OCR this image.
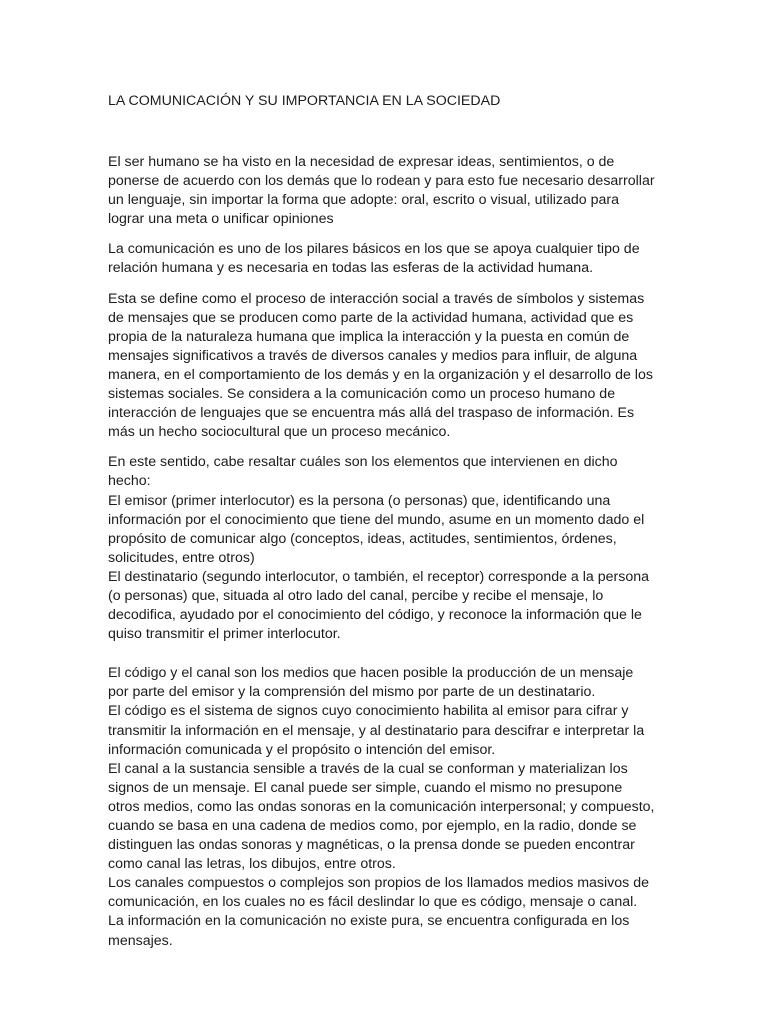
LA COMUNICACIÓN Y SU IMPORTANCIA EN LA SOCIEDAD

El ser humano se ha visto en la necesidad de expresar ideas, sentimientos, o de ponerse de acuerdo con los demás que lo rodean y para esto fue necesario desarrollar un lenguaje, sin importar la forma que adopte: oral, escrito o visual, utilizado para lograr una meta o unificar opiniones

La comunicación es uno de los pilares básicos en los que se apoya cualquier tipo de relación humana y es necesaria en todas las esferas de la actividad humana.

Esta se define como el proceso de interacción social a través de símbolos y sistemas de mensajes que se producen como parte de la actividad humana, actividad que es propia de la naturaleza humana que implica la interacción y la puesta en común de mensajes significativos a través de diversos canales y medios para influir, de alguna manera, en el comportamiento de los demás y en la organización y el desarrollo de los sistemas sociales. Se considera a la comunicación como un proceso humano de interacción de lenguajes que se encuentra más allá del traspaso de información. Es más un hecho sociocultural que un proceso mecánico.

En este sentido, cabe resaltar cuáles son los elementos que intervienen en dicho hecho:

El emisor (primer interlocutor) es la persona (o personas) que, identificando una información por el conocimiento que tiene del mundo, asume en un momento dado el propósito de comunicar algo (conceptos, ideas, actitudes, sentimientos, órdenes, solicitudes, entre otros)

El destinatario (segundo interlocutor, o también, el receptor) corresponde a la persona (o personas) que, situada al otro lado del canal, percibe y recibe el mensaje, lo decodifica, ayudado por el conocimiento del código, y reconoce la información que le quiso transmitir el primer interlocutor.

El código y el canal son los medios que hacen posible la producción de un mensaje por parte del emisor y la comprensión del mismo por parte de un destinatario.

El código es el sistema de signos cuyo conocimiento habilita al emisor para cifrar y transmitir la información en el mensaje, y al destinatario para descifrar e interpretar la información comunicada y el propósito o intención del emisor.

El canal a la sustancia sensible a través de la cual se conforman y materializan los signos de un mensaje. El canal puede ser simple, cuando el mismo no presupone otros medios, como las ondas sonoras en la comunicación interpersonal; y compuesto, cuando se basa en una cadena de medios como, por ejemplo, en la radio, donde se distinguen las ondas sonoras y magnéticas, o la prensa donde se pueden encontrar como canal las letras, los dibujos, entre otros.

Los canales compuestos o complejos son propios de los llamados medios masivos de comunicación, en los cuales no es fácil deslindar lo que es código, mensaje o canal.

La información en la comunicación no existe pura, se encuentra configurada en los mensajes.
